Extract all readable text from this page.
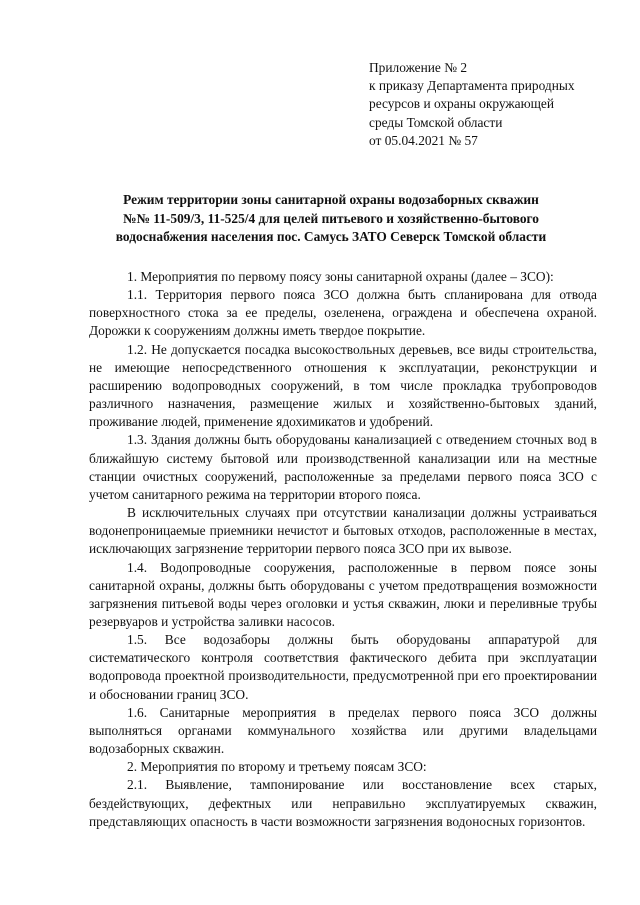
Приложение № 2
к приказу Департамента природных
ресурсов и охраны окружающей
среды Томской области
от 05.04.2021 № 57
Режим территории зоны санитарной охраны водозаборных скважин
№№ 11-509/3, 11-525/4 для целей питьевого и хозяйственно-бытового
водоснабжения населения пос. Самусь ЗАТО Северск Томской области

1. Мероприятия по первому поясу зоны санитарной охраны (далее – ЗСО):

1.1. Территория первого пояса ЗСО должна быть спланирована для отвода поверхностного стока за ее пределы, озеленена, ограждена и обеспечена охраной. Дорожки к сооружениям должны иметь твердое покрытие.

1.2. Не допускается посадка высокоствольных деревьев, все виды строительства, не имеющие непосредственного отношения к эксплуатации, реконструкции и расширению водопроводных сооружений, в том числе прокладка трубопроводов различного назначения, размещение жилых и хозяйственно-бытовых зданий, проживание людей, применение ядохимикатов и удобрений.

1.3. Здания должны быть оборудованы канализацией с отведением сточных вод в ближайшую систему бытовой или производственной канализации или на местные станции очистных сооружений, расположенные за пределами первого пояса ЗСО с учетом санитарного режима на территории второго пояса.

В исключительных случаях при отсутствии канализации должны устраиваться водонепроницаемые приемники нечистот и бытовых отходов, расположенные в местах, исключающих загрязнение территории первого пояса ЗСО при их вывозе.

1.4. Водопроводные сооружения, расположенные в первом поясе зоны санитарной охраны, должны быть оборудованы с учетом предотвращения возможности загрязнения питьевой воды через оголовки и устья скважин, люки и переливные трубы резервуаров и устройства заливки насосов.

1.5. Все водозаборы должны быть оборудованы аппаратурой для систематического контроля соответствия фактического дебита при эксплуатации водопровода проектной производительности, предусмотренной при его проектировании и обосновании границ ЗСО.

1.6. Санитарные мероприятия в пределах первого пояса ЗСО должны выполняться органами коммунального хозяйства или другими владельцами водозаборных скважин.

2. Мероприятия по второму и третьему поясам ЗСО:

2.1. Выявление, тампонирование или восстановление всех старых, бездействующих, дефектных или неправильно эксплуатируемых скважин, представляющих опасность в части возможности загрязнения водоносных горизонтов.
